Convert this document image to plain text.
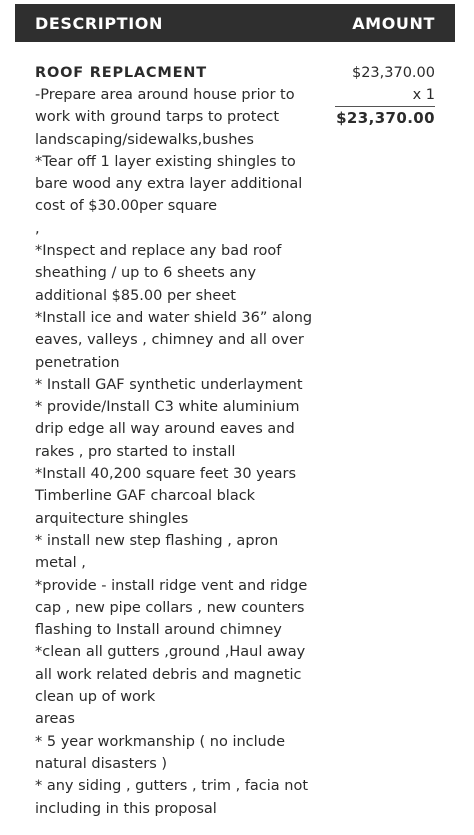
DESCRIPTION	AMOUNT
ROOF REPLACMENT
-Prepare area around house prior to
work with ground tarps to protect
landscaping/sidewalks,bushes
*Tear off 1 layer existing shingles to
bare wood any extra layer additional
cost of $30.00per square
,
*Inspect and replace any bad roof
sheathing / up to 6 sheets any
additional $85.00 per sheet
*Install ice and water shield 36” along
eaves, valleys , chimney and all over
penetration
* Install GAF synthetic underlayment
* provide/Install C3 white aluminium
drip edge all way around eaves and
rakes , pro started to install
*Install 40,200 square feet 30 years
Timberline GAF charcoal black
arquitecture shingles
* install new step flashing , apron
metal ,
*provide - install ridge vent and ridge
cap , new pipe collars , new counters
flashing to Install around chimney
*clean all gutters ,ground ,Haul away
all work related debris and magnetic
clean up of work
areas
* 5 year workmanship ( no include
natural disasters )
* any siding , gutters , trim , facia not
including in this proposal
$23,370.00
x 1
$23,370.00
